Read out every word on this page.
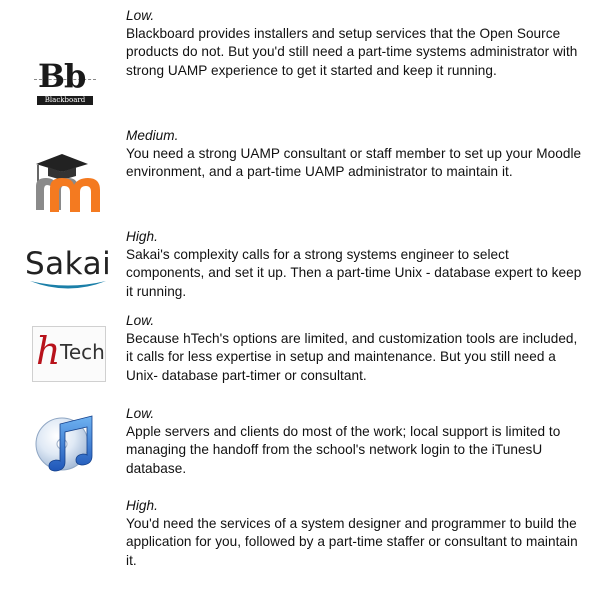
Bb
Blackboard
Low.
Blackboard provides installers and setup services that the Open Source products do not. But you'd still need a part-time systems administrator with strong UAMP experience to get it started and keep it running.
Medium.
You need a strong UAMP consultant or staff member to set up your Moodle environment, and a part-time UAMP administrator to maintain it.
Sakai
High.
Sakai's complexity calls for a strong systems engineer to select components, and set it up. Then a part-time Unix - database expert to keep it running.
h Tech
Low.
Because hTech's options are limited, and customization tools are included, it calls for less expertise in setup and maintenance. But you still need a Unix- database part-timer or consultant.
Low.
Apple servers and clients do most of the work; local support is limited to managing the handoff from the school's network login to the iTunesU database.
High.
You'd need the services of a system designer and programmer to build the application for you, followed by a part-time staffer or consultant to maintain it.
